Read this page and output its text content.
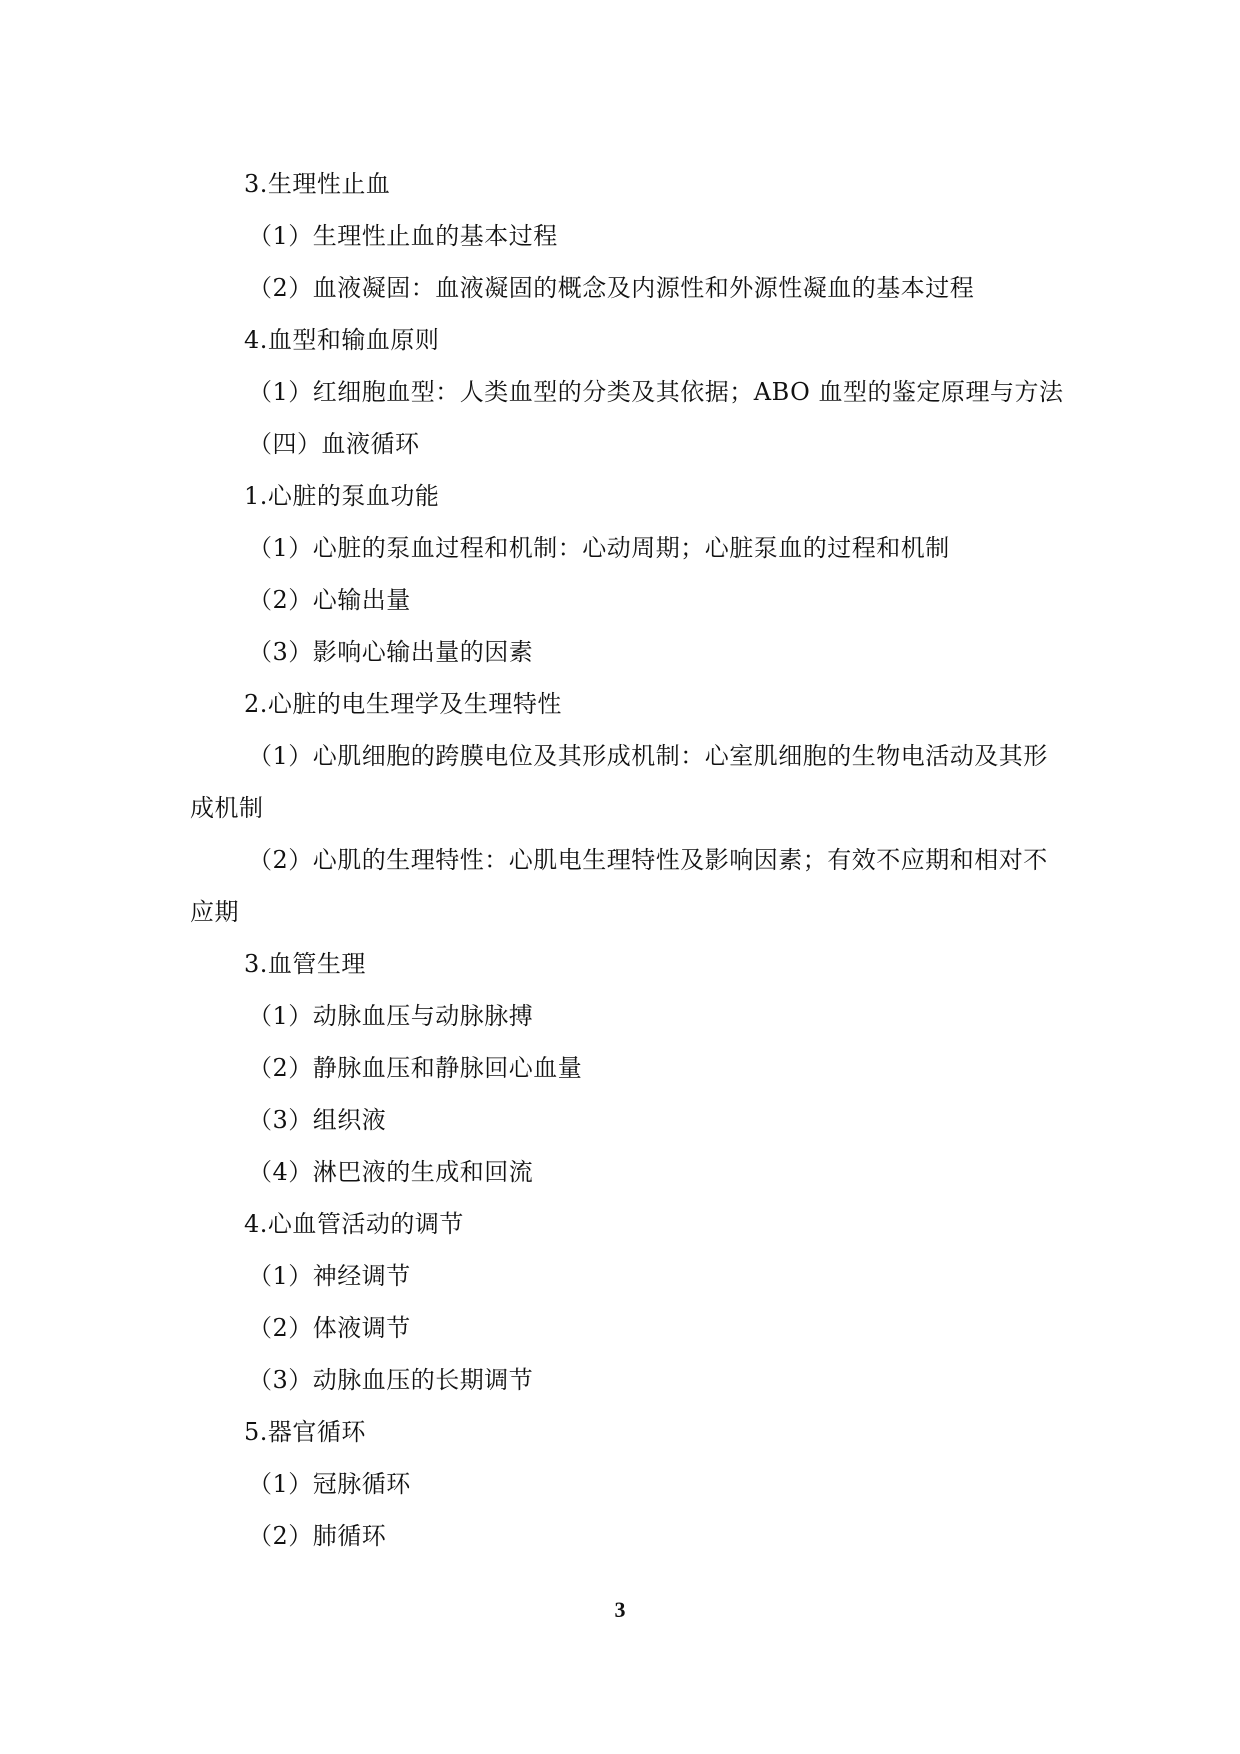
3.生理性止血
（1）生理性止血的基本过程
（2）血液凝固：血液凝固的概念及内源性和外源性凝血的基本过程
4.血型和输血原则
（1）红细胞血型：人类血型的分类及其依据；ABO 血型的鉴定原理与方法
（四）血液循环
1.心脏的泵血功能
（1）心脏的泵血过程和机制：心动周期；心脏泵血的过程和机制
（2）心输出量
（3）影响心输出量的因素
2.心脏的电生理学及生理特性
（1）心肌细胞的跨膜电位及其形成机制：心室肌细胞的生物电活动及其形
成机制
（2）心肌的生理特性：心肌电生理特性及影响因素；有效不应期和相对不
应期
3.血管生理
（1）动脉血压与动脉脉搏
（2）静脉血压和静脉回心血量
（3）组织液
（4）淋巴液的生成和回流
4.心血管活动的调节
（1）神经调节
（2）体液调节
（3）动脉血压的长期调节
5.器官循环
（1）冠脉循环
（2）肺循环
3
